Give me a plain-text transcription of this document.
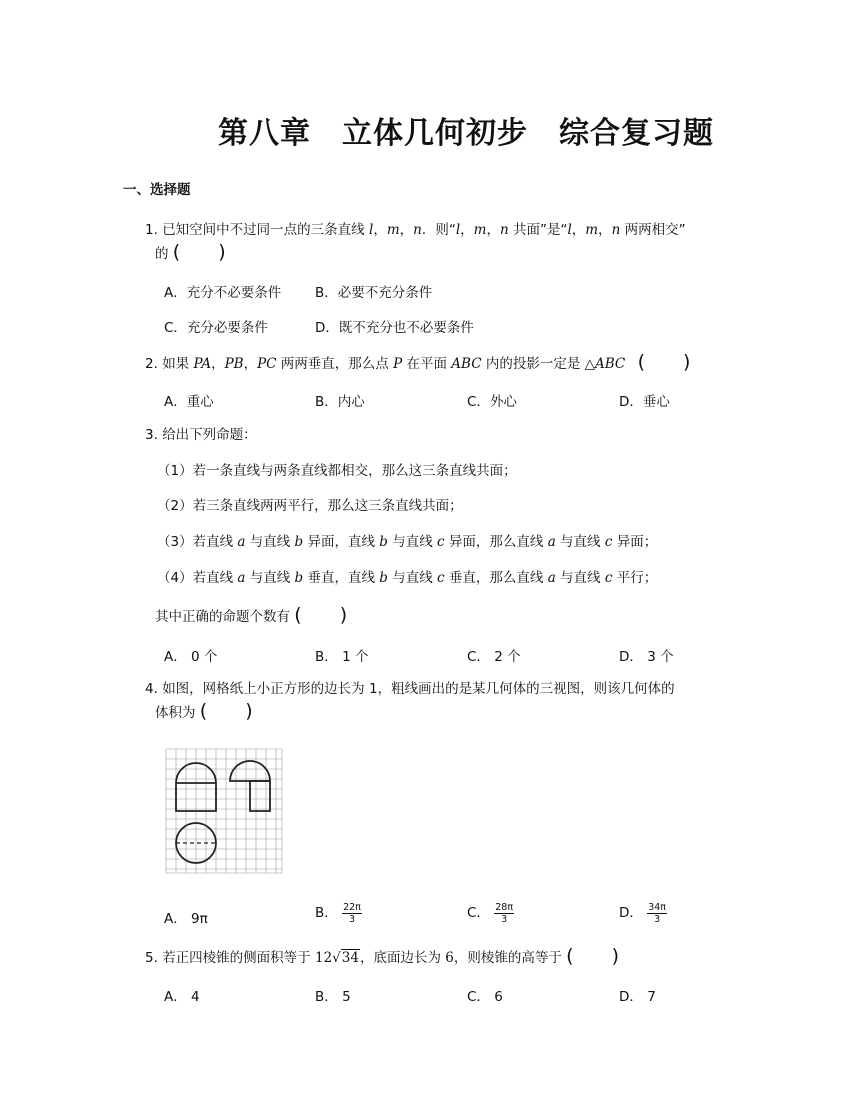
第八章　立体几何初步　综合复习题
一、选择题
1. 已知空间中不过同一点的三条直线 l，m，n．则“l，m，n 共面”是“l，m，n 两两相交”
的 (　　)
A．充分不必要条件	B．必要不充分条件
C．充分必要条件	D．既不充分也不必要条件
2. 如果 PA，PB，PC 两两垂直，那么点 P 在平面 ABC 内的投影一定是 △ABC (　　)
A．重心	B．内心	C．外心	D．垂心
3. 给出下列命题：
（1）若一条直线与两条直线都相交，那么这三条直线共面；
（2）若三条直线两两平行，那么这三条直线共面；
（3）若直线 a 与直线 b 异面，直线 b 与直线 c 异面，那么直线 a 与直线 c 异面；
（4）若直线 a 与直线 b 垂直，直线 b 与直线 c 垂直，那么直线 a 与直线 c 平行；
其中正确的命题个数有 (　　)
A． 0 个	B． 1 个	C． 2 个	D． 3 个
4. 如图，网格纸上小正方形的边长为 1，粗线画出的是某几何体的三视图，则该几何体的
体积为 (　　)
A． 9π	B． $\frac{22\pi}{3}$	C． $\frac{28\pi}{3}$	D． $\frac{34\pi}{3}$
5. 若正四棱锥的侧面积等于 12√34，底面边长为 6，则棱锥的高等于 (　　)
A． 4	B． 5	C． 6	D． 7
